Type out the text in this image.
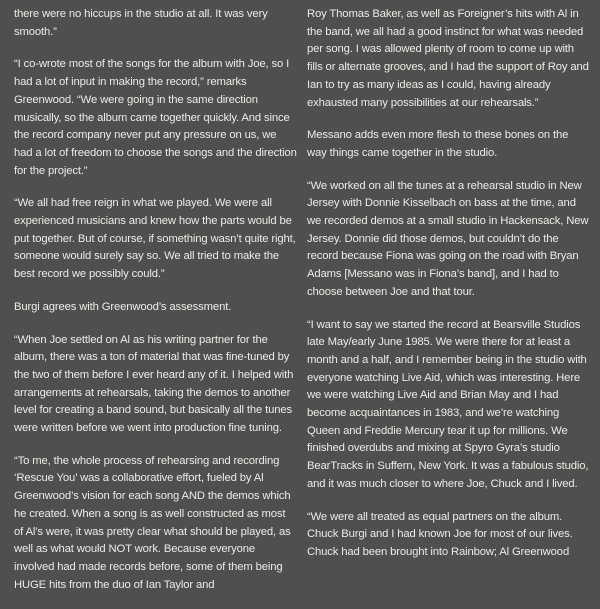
there were no hiccups in the studio at all. It was very smooth.”

“I co-wrote most of the songs for the album with Joe, so I had a lot of input in making the record,” remarks Greenwood. “We were going in the same direction musically, so the album came together quickly. And since the record company never put any pressure on us, we had a lot of freedom to choose the songs and the direction for the project.”

“We all had free reign in what we played. We were all experienced musicians and knew how the parts would be put together. But of course, if something wasn’t quite right, someone would surely say so. We all tried to make the best record we possibly could.”

Burgi agrees with Greenwood’s assessment.

“When Joe settled on Al as his writing partner for the album, there was a ton of material that was fine-tuned by the two of them before I ever heard any of it. I helped with arrangements at rehearsals, taking the demos to another level for creating a band sound, but basically all the tunes were written before we went into production fine tuning.

“To me, the whole process of rehearsing and recording ‘Rescue You’ was a collaborative effort, fueled by Al Greenwood’s vision for each song AND the demos which he created. When a song is as well constructed as most of Al’s were, it was pretty clear what should be played, as well as what would NOT work. Because everyone involved had made records before, some of them being HUGE hits from the duo of Ian Taylor and

Roy Thomas Baker, as well as Foreigner’s hits with Al in the band, we all had a good instinct for what was needed per song. I was allowed plenty of room to come up with fills or alternate grooves, and I had the support of Roy and Ian to try as many ideas as I could, having already exhausted many possibilities at our rehearsals.”

Messano adds even more flesh to these bones on the way things came together in the studio.

“We worked on all the tunes at a rehearsal studio in New Jersey with Donnie Kisselbach on bass at the time, and we recorded demos at a small studio in Hackensack, New Jersey. Donnie did those demos, but couldn’t do the record because Fiona was going on the road with Bryan Adams [Messano was in Fiona’s band], and I had to choose between Joe and that tour.

“I want to say we started the record at Bearsville Studios late May/early June 1985. We were there for at least a month and a half, and I remember being in the studio with everyone watching Live Aid, which was interesting. Here we were watching Live Aid and Brian May and I had become acquaintances in 1983, and we’re watching Queen and Freddie Mercury tear it up for millions. We finished overdubs and mixing at Spyro Gyra’s studio BearTracks in Suffern, New York. It was a fabulous studio, and it was much closer to where Joe, Chuck and I lived.

“We were all treated as equal partners on the album. Chuck Burgi and I had known Joe for most of our lives. Chuck had been brought into Rainbow; Al Greenwood
